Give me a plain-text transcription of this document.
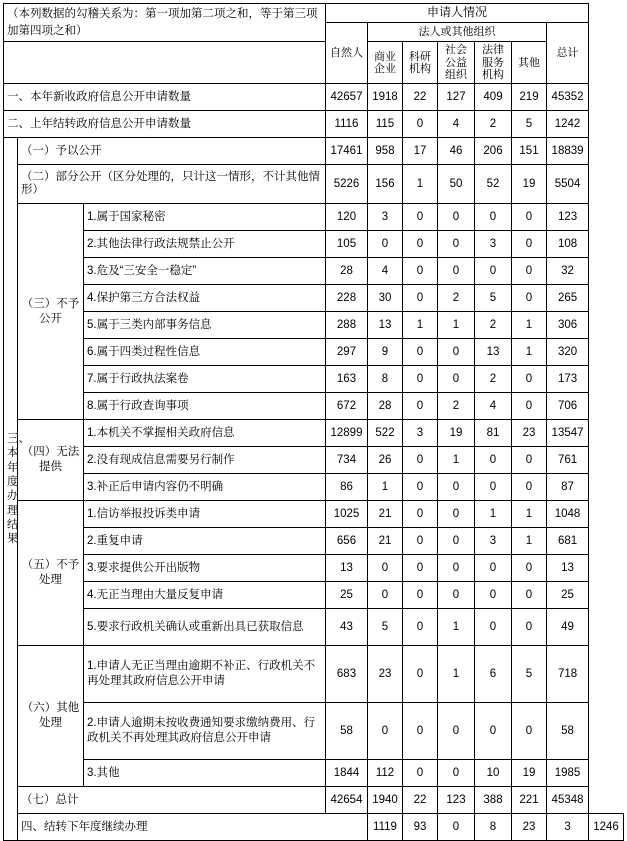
（本列数据的勾稽关系为：第一项加第二项之和，等于第三项加第四项之和）			申请人情况							
			自然人	法人或其他组织					总计	
				商业企业	科研机构	社会公益组织	法律服务机构	其他		
一、本年新收政府信息公开申请数量			42657	1918	22	127	409	219	45352	
二、上年结转政府信息公开申请数量			1116	115	0	4	2	5	1242	
三、本年度办理结果	（一）予以公开		17461	958	17	46	206	151	18839	
	（二）部分公开（区分处理的，只计这一情形，不计其他情形）		5226	156	1	50	52	19	5504	
	（三）不予公开	1.属于国家秘密	120	3	0	0	0	0	123	
		2.其他法律行政法规禁止公开	105	0	0	0	3	0	108	
		3.危及“三安全一稳定”	28	4	0	0	0	0	32	
		4.保护第三方合法权益	228	30	0	2	5	0	265	
		5.属于三类内部事务信息	288	13	1	1	2	1	306	
		6.属于四类过程性信息	297	9	0	0	13	1	320	
		7.属于行政执法案卷	163	8	0	0	2	0	173	
		8.属于行政查询事项	672	28	0	2	4	0	706	
	（四）无法提供	1.本机关不掌握相关政府信息	12899	522	3	19	81	23	13547	
		2.没有现成信息需要另行制作	734	26	0	1	0	0	761	
		3.补正后申请内容仍不明确	86	1	0	0	0	0	87	
	（五）不予处理	1.信访举报投诉类申请	1025	21	0	0	1	1	1048	
		2.重复申请	656	21	0	0	3	1	681	
		3.要求提供公开出版物	13	0	0	0	0	0	13	
		4.无正当理由大量反复申请	25	0	0	0	0	0	25	
		5.要求行政机关确认或重新出具已获取信息	43	5	0	1	0	0	49	
	（六）其他处理	1.申请人无正当理由逾期不补正、行政机关不再处理其政府信息公开申请	683	23	0	1	6	5	718	
		2.申请人逾期未按收费通知要求缴纳费用、行政机关不再处理其政府信息公开申请	58	0	0	0	0	0	58	
		3.其他	1844	112	0	0	10	19	1985	
	（七）总计		42654	1940	22	123	388	221	45348	
	四、结转下年度继续办理			1119	93	0	8	23	3	1246
